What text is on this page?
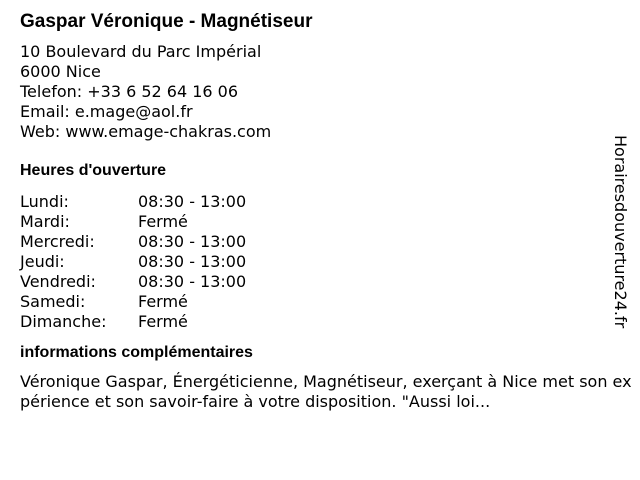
Gaspar Véronique - Magnétiseur
10 Boulevard du Parc Impérial
6000 Nice
Telefon: +33 6 52 64 16 06
Email: e.mage@aol.fr
Web: www.emage-chakras.com
Heures d'ouverture
Lundi:	08:30 - 13:00
Mardi:	Fermé
Mercredi:	08:30 - 13:00
Jeudi:	08:30 - 13:00
Vendredi:	08:30 - 13:00
Samedi:	Fermé
Dimanche:	Fermé
informations complémentaires
Véronique Gaspar, Énergéticienne, Magnétiseur, exerçant à Nice met son expérience et son savoir-faire à votre disposition. "Aussi loi...
Horairesdouverture24.fr
